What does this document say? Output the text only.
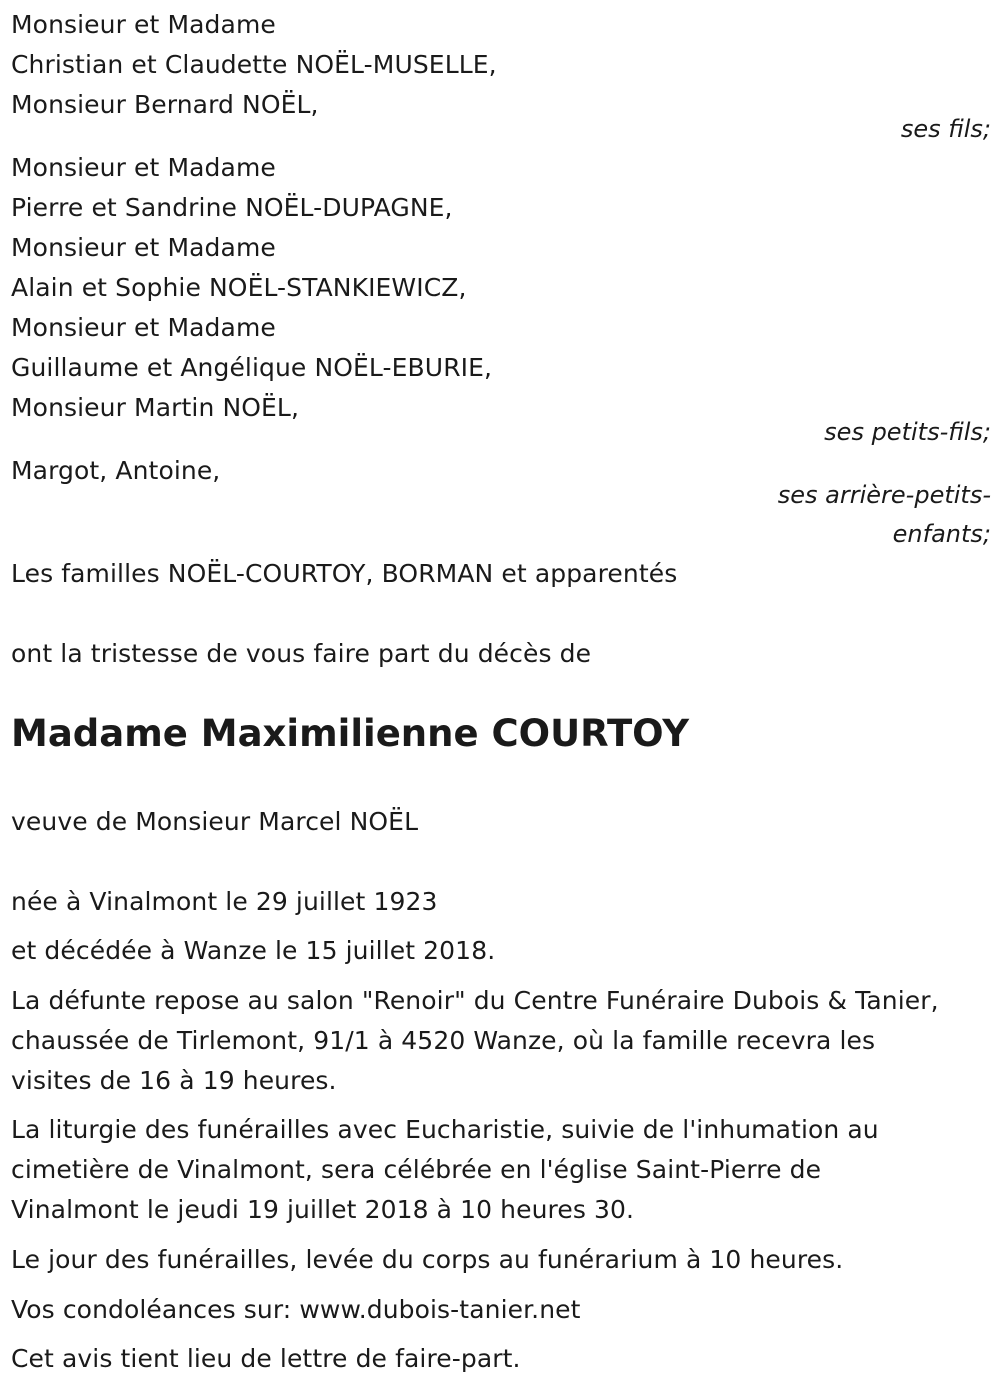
Monsieur et Madame
Christian et Claudette NOËL-MUSELLE,
Monsieur Bernard NOËL,
ses fils;
Monsieur et Madame
Pierre et Sandrine NOËL-DUPAGNE,
Monsieur et Madame
Alain et Sophie NOËL-STANKIEWICZ,
Monsieur et Madame
Guillaume et Angélique NOËL-EBURIE,
Monsieur Martin NOËL,
ses petits-fils;
Margot, Antoine,
ses arrière-petits-
enfants;
Les familles NOËL-COURTOY, BORMAN et apparentés
ont la tristesse de vous faire part du décès de
Madame Maximilienne COURTOY
veuve de Monsieur Marcel NOËL
née à Vinalmont le 29 juillet 1923
et décédée à Wanze le 15 juillet 2018.
La défunte repose au salon "Renoir" du Centre Funéraire Dubois & Tanier,
chaussée de Tirlemont, 91/1 à 4520 Wanze, où la famille recevra les
visites de 16 à 19 heures.
La liturgie des funérailles avec Eucharistie, suivie de l'inhumation au
cimetière de Vinalmont, sera célébrée en l'église Saint-Pierre de
Vinalmont le jeudi 19 juillet 2018 à 10 heures 30.
Le jour des funérailles, levée du corps au funérarium à 10 heures.
Vos condoléances sur: www.dubois-tanier.net
Cet avis tient lieu de lettre de faire-part.
